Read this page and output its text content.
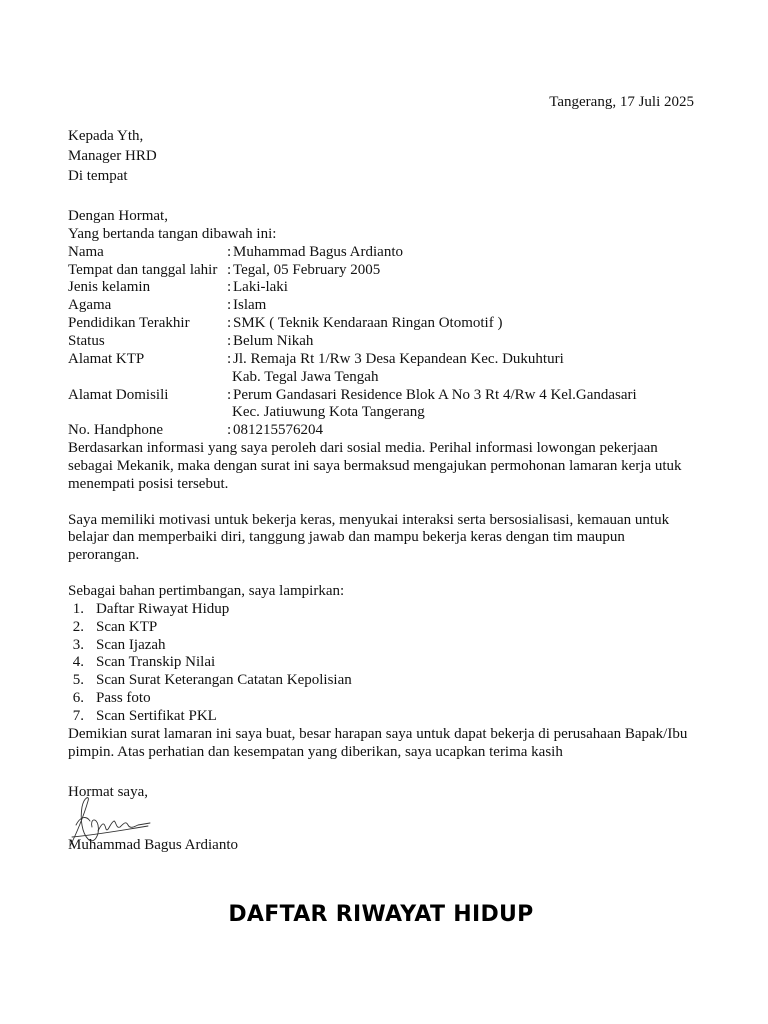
Tangerang, 17 Juli 2025
Kepada Yth,
Manager HRD
Di tempat
Dengan Hormat,
Yang bertanda tangan dibawah ini:
Nama	: Muhammad Bagus Ardianto
Tempat dan tanggal lahir : Tegal, 05 February 2005
Jenis kelamin	: Laki-laki
Agama	: Islam
Pendidikan Terakhir : SMK ( Teknik Kendaraan Ringan Otomotif )
Status	: Belum Nikah
Alamat KTP	: Jl. Remaja Rt 1/Rw 3 Desa Kepandean Kec. Dukuhturi
Kab. Tegal Jawa Tengah
Alamat Domisili	: Perum Gandasari Residence Blok A No 3 Rt 4/Rw 4 Kel.Gandasari
Kec. Jatiuwung Kota Tangerang
No. Handphone	: 081215576204
Berdasarkan informasi yang saya peroleh dari sosial media. Perihal informasi lowongan pekerjaan
sebagai Mekanik, maka dengan surat ini saya bermaksud mengajukan permohonan lamaran kerja utuk
menempati posisi tersebut.
Saya memiliki motivasi untuk bekerja keras, menyukai interaksi serta bersosialisasi, kemauan untuk
belajar dan memperbaiki diri, tanggung jawab dan mampu bekerja keras dengan tim maupun
perorangan.
Sebagai bahan pertimbangan, saya lampirkan:
1. Daftar Riwayat Hidup
2. Scan KTP
3. Scan Ijazah
4. Scan Transkip Nilai
5. Scan Surat Keterangan Catatan Kepolisian
6. Pass foto
7. Scan Sertifikat PKL
Demikian surat lamaran ini saya buat, besar harapan saya untuk dapat bekerja di perusahaan Bapak/Ibu
pimpin. Atas perhatian dan kesempatan yang diberikan, saya ucapkan terima kasih
Hormat saya,
Muhammad Bagus Ardianto
DAFTAR RIWAYAT HIDUP
